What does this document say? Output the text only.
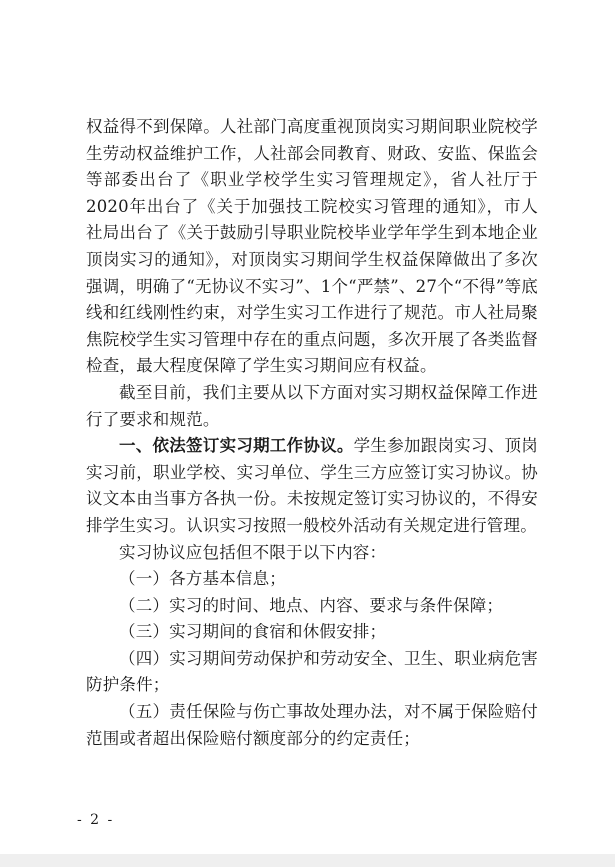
权益得不到保障。人社部门高度重视顶岗实习期间职业院校学生劳动权益维护工作，人社部会同教育、财政、安监、保监会等部委出台了《职业学校学生实习管理规定》，省人社厅于2020年出台了《关于加强技工院校实习管理的通知》，市人社局出台了《关于鼓励引导职业院校毕业学年学生到本地企业顶岗实习的通知》，对顶岗实习期间学生权益保障做出了多次强调，明确了“无协议不实习”、1个“严禁”、27个“不得”等底线和红线刚性约束，对学生实习工作进行了规范。市人社局聚焦院校学生实习管理中存在的重点问题，多次开展了各类监督检查，最大程度保障了学生实习期间应有权益。

截至目前，我们主要从以下方面对实习期权益保障工作进行了要求和规范。

一、依法签订实习期工作协议。学生参加跟岗实习、顶岗实习前，职业学校、实习单位、学生三方应签订实习协议。协议文本由当事方各执一份。未按规定签订实习协议的，不得安排学生实习。认识实习按照一般校外活动有关规定进行管理。

实习协议应包括但不限于以下内容：

（一）各方基本信息；

（二）实习的时间、地点、内容、要求与条件保障；

（三）实习期间的食宿和休假安排；

（四）实习期间劳动保护和劳动安全、卫生、职业病危害防护条件；

（五）责任保险与伤亡事故处理办法，对不属于保险赔付范围或者超出保险赔付额度部分的约定责任；

- 2 -
